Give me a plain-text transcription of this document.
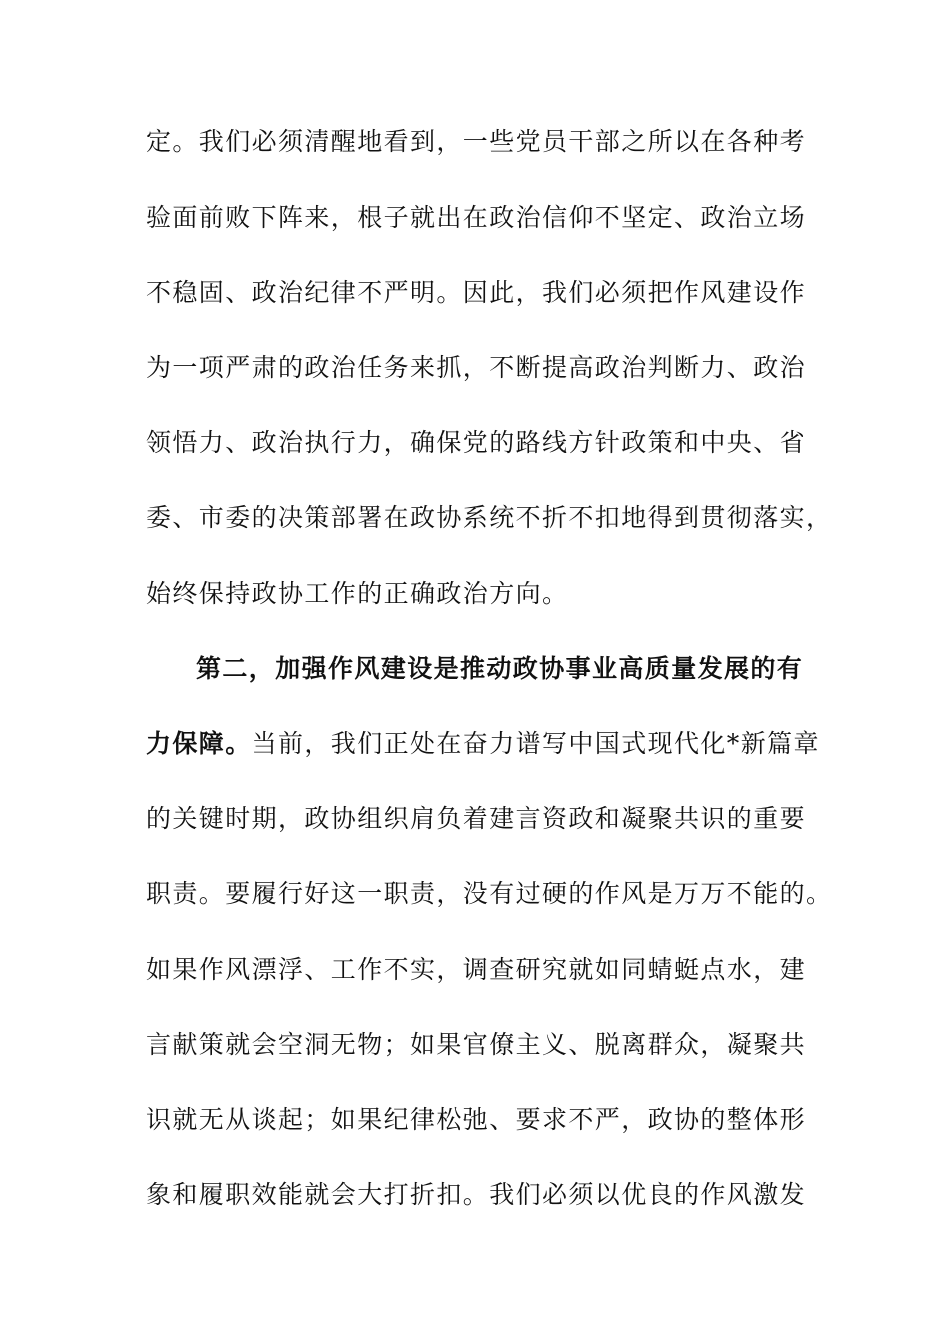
定。我们必须清醒地看到，一些党员干部之所以在各种考
验面前败下阵来，根子就出在政治信仰不坚定、政治立场
不稳固、政治纪律不严明。因此，我们必须把作风建设作
为一项严肃的政治任务来抓，不断提高政治判断力、政治
领悟力、政治执行力，确保党的路线方针政策和中央、省
委、市委的决策部署在政协系统不折不扣地得到贯彻落实，
始终保持政协工作的正确政治方向。
第二，加强作风建设是推动政协事业高质量发展的有
力保障。当前，我们正处在奋力谱写中国式现代化*新篇章
的关键时期，政协组织肩负着建言资政和凝聚共识的重要
职责。要履行好这一职责，没有过硬的作风是万万不能的。
如果作风漂浮、工作不实，调查研究就如同蜻蜓点水，建
言献策就会空洞无物；如果官僚主义、脱离群众，凝聚共
识就无从谈起；如果纪律松弛、要求不严，政协的整体形
象和履职效能就会大打折扣。我们必须以优良的作风激发
